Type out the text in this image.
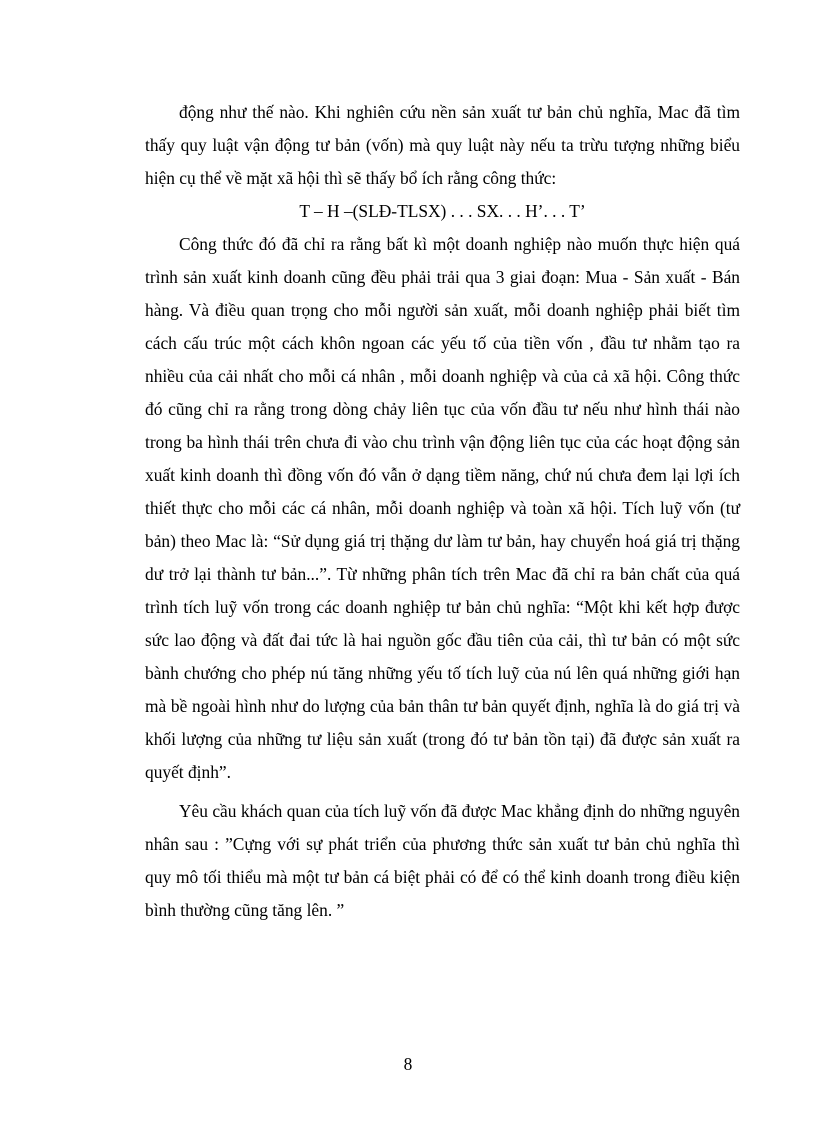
động như thế nào. Khi nghiên cứu nền sản xuất tư bản chủ nghĩa, Mac đã tìm thấy quy luật vận động tư bản (vốn) mà quy luật này nếu ta trừu tượng những biểu hiện cụ thể về mặt xã hội thì sẽ thấy bổ ích rằng công thức:

T – H –(SLĐ-TLSX) . . . SX. . . H’. . . T’

Công thức đó đã chỉ ra rằng bất kì một doanh nghiệp nào muốn thực hiện quá trình sản xuất kinh doanh cũng đều phải trải qua 3 giai đoạn: Mua - Sản xuất - Bán hàng. Và điều quan trọng cho mỗi người sản xuất, mỗi doanh nghiệp phải biết tìm cách cấu trúc một cách khôn ngoan các yếu tố của tiền vốn , đầu tư nhằm tạo ra nhiều của cải nhất cho mỗi cá nhân , mỗi doanh nghiệp và của cả xã hội. Công thức đó cũng chỉ ra rằng trong dòng chảy liên tục của vốn đầu tư nếu như hình thái nào trong ba hình thái trên chưa đi vào chu trình vận động liên tục của các hoạt động sản xuất kinh doanh thì đồng vốn đó vẫn ở dạng tiềm năng, chứ nú chưa đem lại lợi ích thiết thực cho mỗi các cá nhân, mỗi doanh nghiệp và toàn xã hội. Tích luỹ vốn (tư bản) theo Mac là: “Sử dụng giá trị thặng dư làm tư bản, hay chuyển hoá giá trị thặng dư trở lại thành tư bản...”. Từ những phân tích trên Mac đã chỉ ra bản chất của quá trình tích luỹ vốn trong các doanh nghiệp tư bản chủ nghĩa: “Một khi kết hợp được sức lao động và đất đai tức là hai nguồn gốc đầu tiên của cải, thì tư bản có một sức bành chướng cho phép nú tăng những yếu tố tích luỹ của nú lên quá những giới hạn mà bề ngoài hình như do lượng của bản thân tư bản quyết định, nghĩa là do giá trị và khối lượng của những tư liệu sản xuất (trong đó tư bản tồn tại) đã được sản xuất ra quyết định”.

Yêu cầu khách quan của tích luỹ vốn đã được Mac khẳng định do những nguyên nhân sau : ”Cựng với sự phát triển của phương thức sản xuất tư bản chủ nghĩa thì quy mô tối thiểu mà một tư bản cá biệt phải có để có thể kinh doanh trong điều kiện bình thường cũng tăng lên. ”

8
